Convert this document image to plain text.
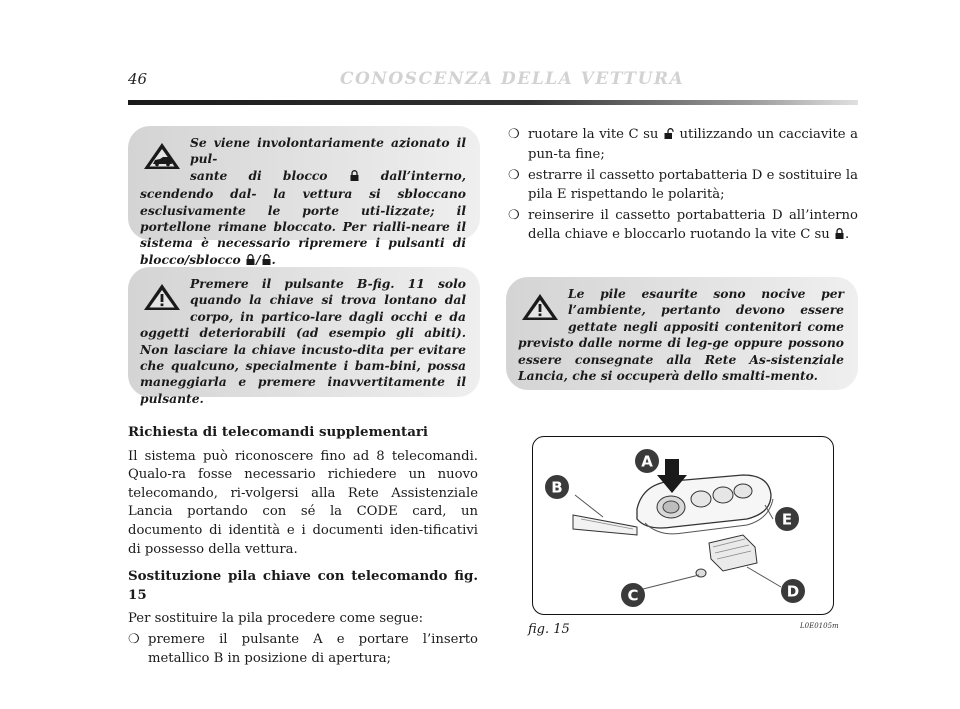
46	CONOSCENZA DELLA VETTURA

Se viene involontariamente azionato il pul-
sante di blocco	dall’interno, scendendo dal- la vettura si sbloccano esclusivamente le porte uti-lizzate; il portellone rimane bloccato. Per rialli-neare il sistema è necessario ripremere i pulsanti di blocco/sblocco / .

Premere il pulsante B-fig. 11 solo quando la chiave si trova lontano dal corpo, in partico-lare dagli occhi e da oggetti deteriorabili (ad esempio gli abiti). Non lasciare la chiave incusto-dita per evitare che qualcuno, specialmente i bam-bini, possa maneggiarla e premere inavvertitamente il pulsante.

Richiesta di telecomandi supplementari

Il sistema può riconoscere fino ad 8 telecomandi. Qualo-ra fosse necessario richiedere un nuovo telecomando, ri-volgersi alla Rete Assistenziale Lancia portando con sé la CODE card, un documento di identità e i documenti iden-tificativi di possesso della vettura.

Sostituzione pila chiave con telecomando fig. 15

Per sostituire la pila procedere come segue:

❍ premere il pulsante A e portare l’inserto metallico B in posizione di apertura;
❍ ruotare la vite C su utilizzando un cacciavite a pun-ta fine;
❍ estrarre il cassetto portabatteria D e sostituire la pila E rispettando le polarità;
❍ reinserire il cassetto portabatteria D all’interno della chiave e bloccarlo ruotando la vite C su .

Le pile esaurite sono nocive per l’ambiente, pertanto devono essere gettate negli appositi contenitori come previsto dalle norme di leg-ge oppure possono essere consegnate alla Rete As-sistenziale Lancia, che si occuperà dello smalti-mento.

A
B
E
C	D
fig. 15	L0E0105m
